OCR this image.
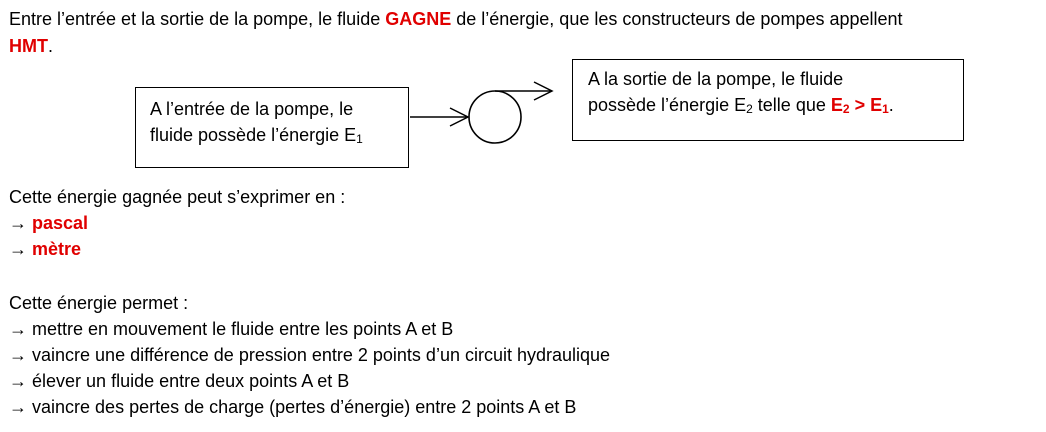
Entre l’entrée et la sortie de la pompe, le fluide GAGNE de l’énergie, que les constructeurs de pompes appellent
HMT.
A l’entrée de la pompe, le
fluide possède l’énergie $E_1$
A la sortie de la pompe, le fluide
possède l’énergie $E_2$ telle que $E_2 > E_1$.
Cette énergie gagnée peut s’exprimer en :
→ pascal
→ mètre
Cette énergie permet :
→ mettre en mouvement le fluide entre les points A et B
→ vaincre une différence de pression entre 2 points d’un circuit hydraulique
→ élever un fluide entre deux points A et B
→ vaincre des pertes de charge (pertes d’énergie) entre 2 points A et B
